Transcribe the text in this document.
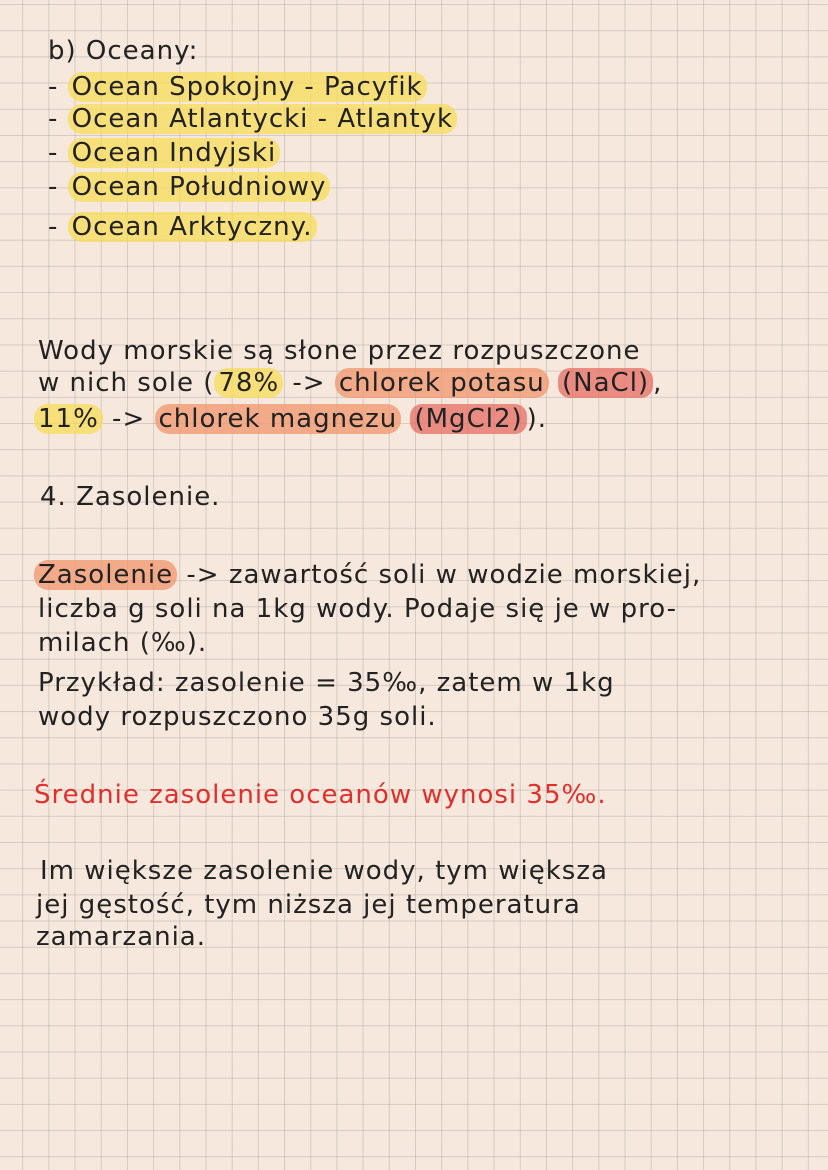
b) Oceany:
- Ocean Spokojny - Pacyfik
- Ocean Atlantycki - Atlantyk
- Ocean Indyjski
- Ocean Południowy
- Ocean Arktyczny.
Wody morskie są słone przez rozpuszczone
w nich sole ( 78% -> chlorek potasu (NaCl) ,
11% -> chlorek magnezu (MgCl2) ).
4. Zasolenie.
Zasolenie -> zawartość soli w wodzie morskiej,
liczba g soli na 1kg wody. Podaje się je w pro-
milach (‰).
Przykład: zasolenie = 35‰, zatem w 1kg
wody rozpuszczono 35g soli.
Średnie zasolenie oceanów wynosi 35‰.
Im większe zasolenie wody, tym większa
jej gęstość, tym niższa jej temperatura
zamarzania.
